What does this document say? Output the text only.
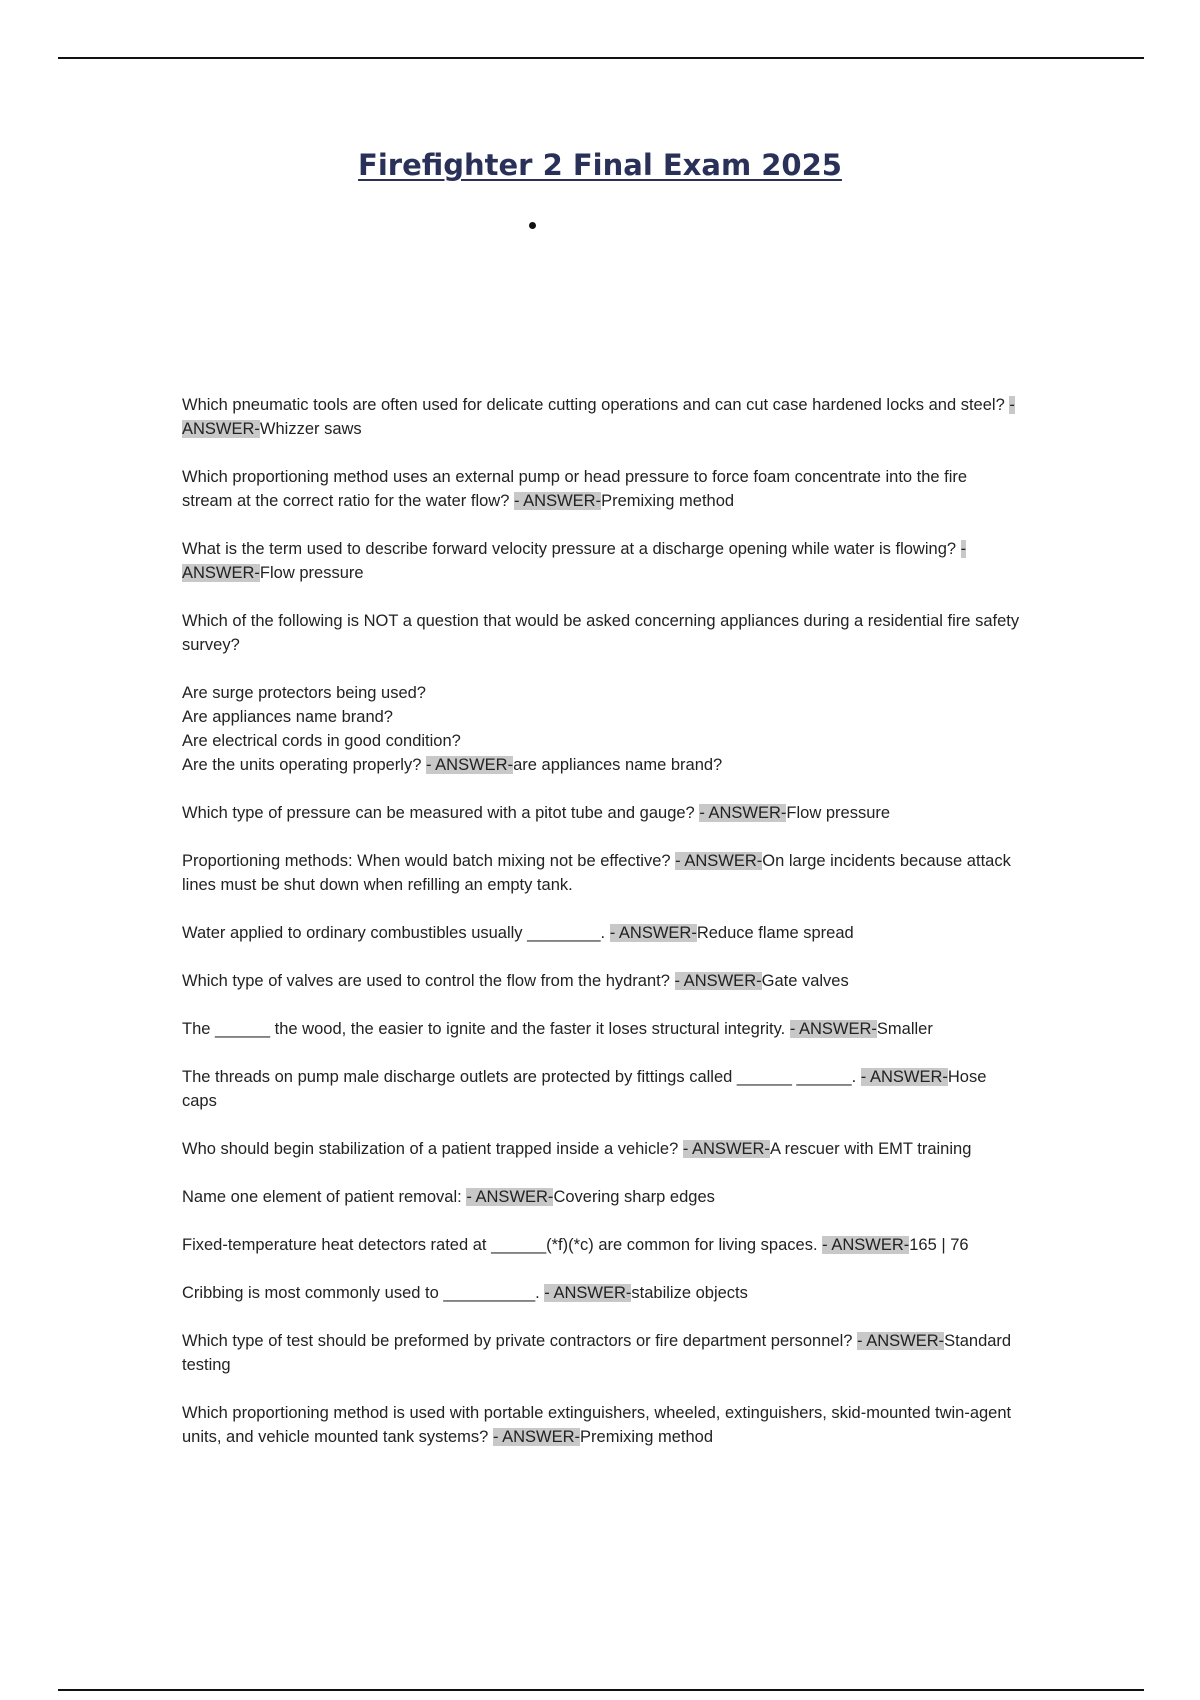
Firefighter 2 Final Exam 2025
Which pneumatic tools are often used for delicate cutting operations and can cut case hardened locks and steel? - ANSWER-Whizzer saws
Which proportioning method uses an external pump or head pressure to force foam concentrate into the fire stream at the correct ratio for the water flow? - ANSWER-Premixing method
What is the term used to describe forward velocity pressure at a discharge opening while water is flowing? - ANSWER-Flow pressure
Which of the following is NOT a question that would be asked concerning appliances during a residential fire safety survey?

Are surge protectors being used?
Are appliances name brand?
Are electrical cords in good condition?
Are the units operating properly? - ANSWER-are appliances name brand?
Which type of pressure can be measured with a pitot tube and gauge? - ANSWER-Flow pressure
Proportioning methods: When would batch mixing not be effective? - ANSWER-On large incidents because attack lines must be shut down when refilling an empty tank.
Water applied to ordinary combustibles usually ________. - ANSWER-Reduce flame spread
Which type of valves are used to control the flow from the hydrant? - ANSWER-Gate valves
The ______ the wood, the easier to ignite and the faster it loses structural integrity. - ANSWER-Smaller
The threads on pump male discharge outlets are protected by fittings called ______ ______. - ANSWER-Hose caps
Who should begin stabilization of a patient trapped inside a vehicle? - ANSWER-A rescuer with EMT training
Name one element of patient removal: - ANSWER-Covering sharp edges
Fixed-temperature heat detectors rated at ______(*f)(*c) are common for living spaces. - ANSWER-165 | 76
Cribbing is most commonly used to __________. - ANSWER-stabilize objects
Which type of test should be preformed by private contractors or fire department personnel? - ANSWER-Standard testing
Which proportioning method is used with portable extinguishers, wheeled, extinguishers, skid-mounted twin-agent units, and vehicle mounted tank systems? - ANSWER-Premixing method
